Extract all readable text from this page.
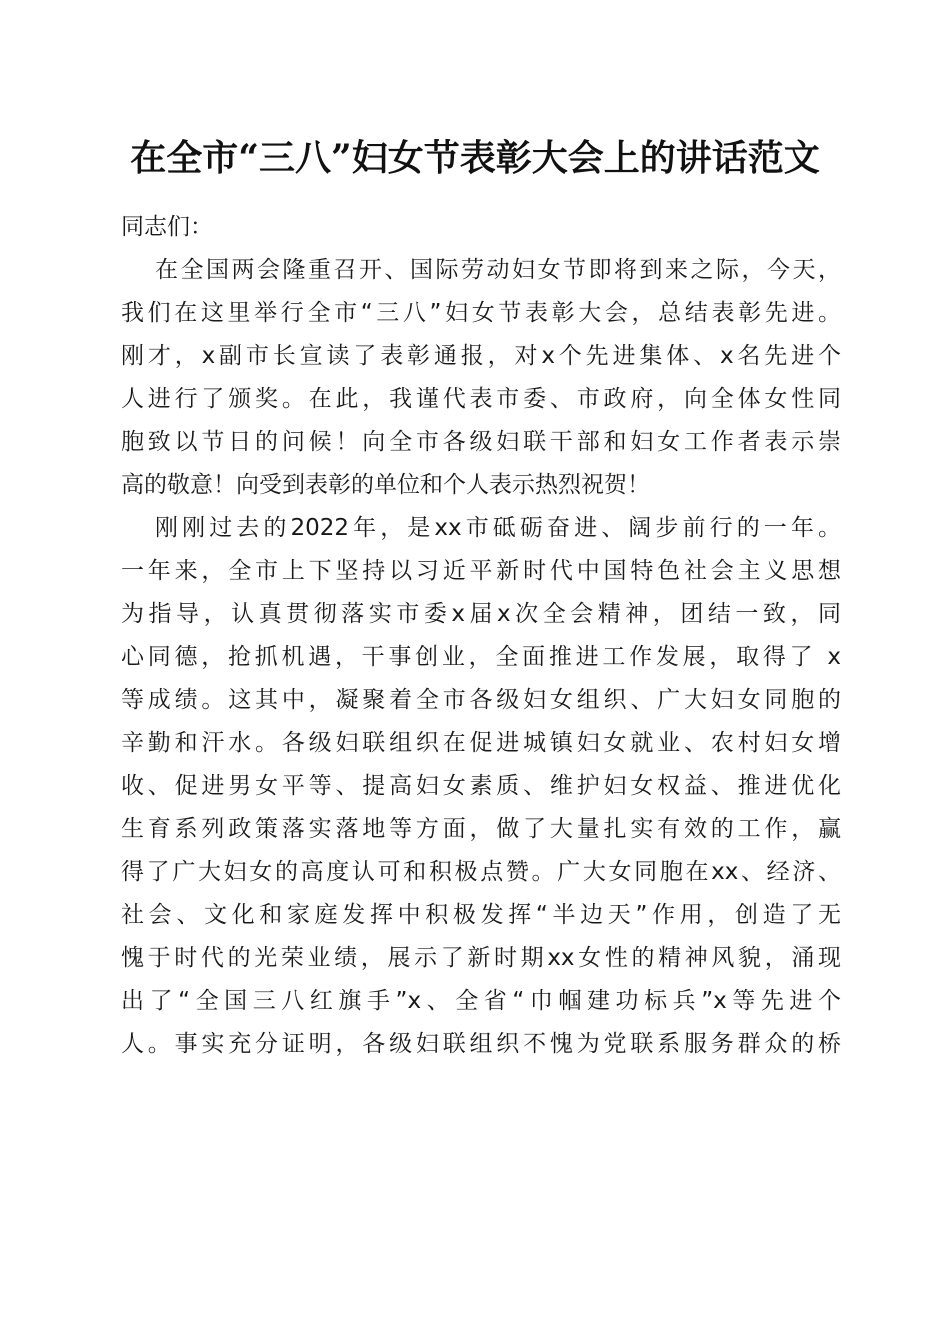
在全市“三八”妇女节表彰大会上的讲话范文
同志们：
在全国两会隆重召开、国际劳动妇女节即将到来之际，今天，
我们在这里举行全市“三八”妇女节表彰大会，总结表彰先进。
刚才，x副市长宣读了表彰通报，对x个先进集体、x名先进个
人进行了颁奖。在此，我谨代表市委、市政府，向全体女性同
胞致以节日的问候！向全市各级妇联干部和妇女工作者表示崇
高的敬意！向受到表彰的单位和个人表示热烈祝贺！
刚刚过去的2022年，是xx市砥砺奋进、阔步前行的一年。
一年来，全市上下坚持以习近平新时代中国特色社会主义思想
为指导，认真贯彻落实市委x届x次全会精神，团结一致，同
心同德，抢抓机遇，干事创业，全面推进工作发展，取得了 x
等成绩。这其中，凝聚着全市各级妇女组织、广大妇女同胞的
辛勤和汗水。各级妇联组织在促进城镇妇女就业、农村妇女增
收、促进男女平等、提高妇女素质、维护妇女权益、推进优化
生育系列政策落实落地等方面，做了大量扎实有效的工作，赢
得了广大妇女的高度认可和积极点赞。广大女同胞在xx、经济、
社会、文化和家庭发挥中积极发挥“半边天”作用，创造了无
愧于时代的光荣业绩，展示了新时期xx女性的精神风貌，涌现
出了“全国三八红旗手”x、全省“巾帼建功标兵”x等先进个
人。事实充分证明，各级妇联组织不愧为党联系服务群众的桥
